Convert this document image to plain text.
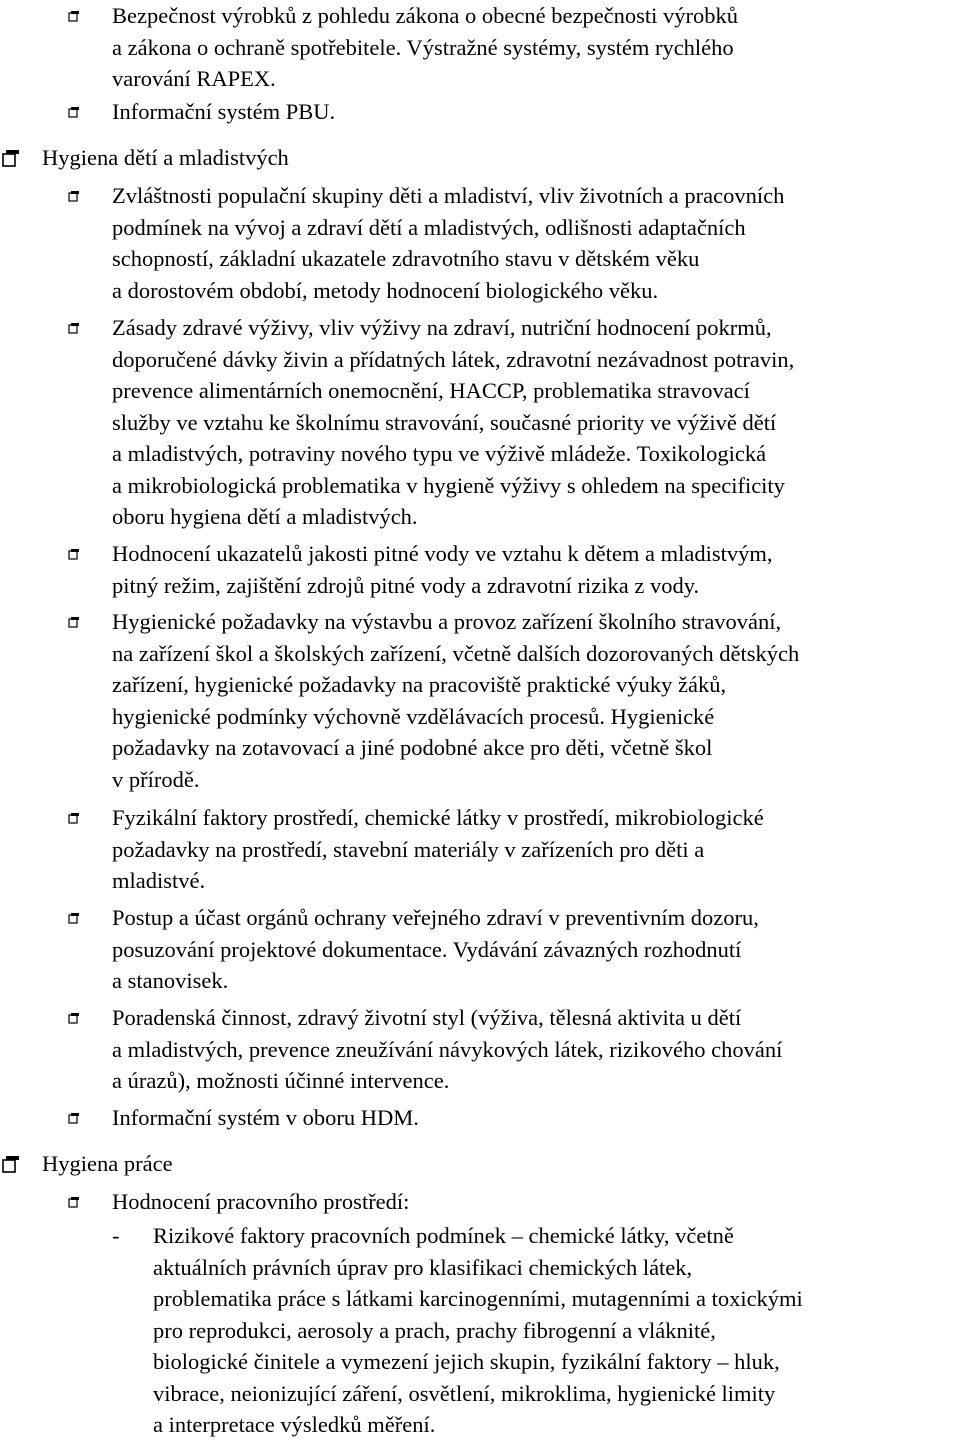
Bezpečnost výrobků z pohledu zákona o obecné bezpečnosti výrobků
a zákona o ochraně spotřebitele. Výstražné systémy, systém rychlého
varování RAPEX.
Informační systém PBU.
Hygiena dětí a mladistvých
Zvláštnosti populační skupiny děti a mladiství, vliv životních a pracovních
podmínek na vývoj a zdraví dětí a mladistvých, odlišnosti adaptačních
schopností, základní ukazatele zdravotního stavu v dětském věku
a dorostovém období, metody hodnocení biologického věku.
Zásady zdravé výživy, vliv výživy na zdraví, nutriční hodnocení pokrmů,
doporučené dávky živin a přídatných látek, zdravotní nezávadnost potravin,
prevence alimentárních onemocnění, HACCP, problematika stravovací
služby ve vztahu ke školnímu stravování, současné priority ve výživě dětí
a mladistvých, potraviny nového typu ve výživě mládeže. Toxikologická
a mikrobiologická problematika v hygieně výživy s ohledem na specificity
oboru hygiena dětí a mladistvých.
Hodnocení ukazatelů jakosti pitné vody ve vztahu k dětem a mladistvým,
pitný režim, zajištění zdrojů pitné vody a zdravotní rizika z vody.
Hygienické požadavky na výstavbu a provoz zařízení školního stravování,
na zařízení škol a školských zařízení, včetně dalších dozorovaných dětských
zařízení, hygienické požadavky na pracoviště praktické výuky žáků,
hygienické podmínky výchovně vzdělávacích procesů. Hygienické
požadavky na zotavovací a jiné podobné akce pro děti, včetně škol
v přírodě.
Fyzikální faktory prostředí, chemické látky v prostředí, mikrobiologické
požadavky na prostředí, stavební materiály v zařízeních pro děti a
mladistvé.
Postup a účast orgánů ochrany veřejného zdraví v preventivním dozoru,
posuzování projektové dokumentace. Vydávání závazných rozhodnutí
a stanovisek.
Poradenská činnost, zdravý životní styl (výživa, tělesná aktivita u dětí
a mladistvých, prevence zneužívání návykových látek, rizikového chování
a úrazů), možnosti účinné intervence.
Informační systém v oboru HDM.
Hygiena práce
Hodnocení pracovního prostředí:
- Rizikové faktory pracovních podmínek – chemické látky, včetně
aktuálních právních úprav pro klasifikaci chemických látek,
problematika práce s látkami karcinogenními, mutagenními a toxickými
pro reprodukci, aerosoly a prach, prachy fibrogenní a vláknité,
biologické činitele a vymezení jejich skupin, fyzikální faktory – hluk,
vibrace, neionizující záření, osvětlení, mikroklima, hygienické limity
a interpretace výsledků měření.
